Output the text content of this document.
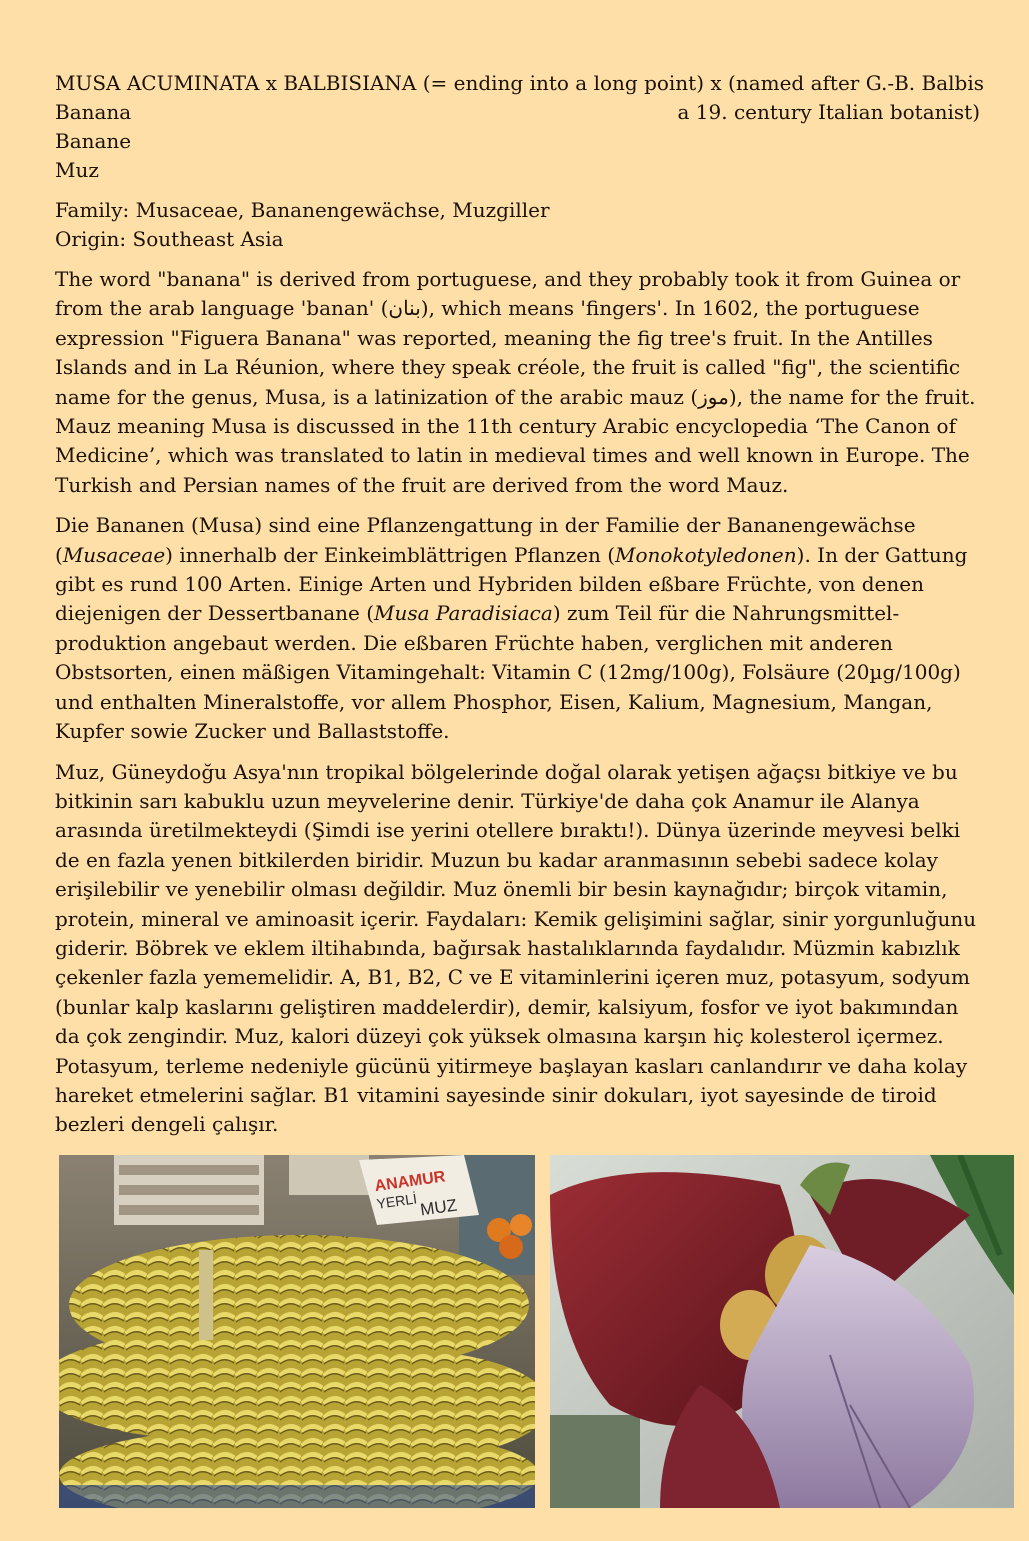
MUSA ACUMINATA x BALBISIANA (= ending into a long point) x (named after G.-B. Balbis
a 19. century Italian botanist)
Banana
Banane
Muz
Family: Musaceae, Bananengewächse, Muzgiller
Origin: Southeast Asia

The word "banana" is derived from portuguese, and they probably took it from Guinea or from the arab language 'banan' (بنان), which means 'fingers'. In 1602, the portuguese expression "Figuera Banana" was reported, meaning the fig tree's fruit. In the Antilles Islands and in La Réunion, where they speak créole, the fruit is called "fig", the scientific name for the genus, Musa, is a latinization of the arabic mauz (موز), the name for the fruit. Mauz meaning Musa is discussed in the 11th century Arabic encyclopedia ‘The Canon of Medicine’, which was translated to latin in medieval times and well known in Europe. The Turkish and Persian names of the fruit are derived from the word Mauz.

Die Bananen (Musa) sind eine Pflanzengattung in der Familie der Bananengewächse (Musaceae) innerhalb der Einkeimblättrigen Pflanzen (Monokotyledonen). In der Gattung gibt es rund 100 Arten. Einige Arten und Hybriden bilden eßbare Früchte, von denen diejenigen der Dessertbanane (Musa Paradisiaca) zum Teil für die Nahrungsmittel-produktion angebaut werden. Die eßbaren Früchte haben, verglichen mit anderen Obstsorten, einen mäßigen Vitamingehalt: Vitamin C (12mg/100g), Folsäure (20µg/100g) und enthalten Mineralstoffe, vor allem Phosphor, Eisen, Kalium, Magnesium, Mangan, Kupfer sowie Zucker und Ballaststoffe.

Muz, Güneydoğu Asya'nın tropikal bölgelerinde doğal olarak yetişen ağaçsı bitkiye ve bu bitkinin sarı kabuklu uzun meyvelerine denir. Türkiye'de daha çok Anamur ile Alanya arasında üretilmekteydi (Şimdi ise yerini otellere bıraktı!). Dünya üzerinde meyvesi belki de en fazla yenen bitkilerden biridir. Muzun bu kadar aranmasının sebebi sadece kolay erişilebilir ve yenebilir olması değildir. Muz önemli bir besin kaynağıdır; birçok vitamin, protein, mineral ve aminoasit içerir. Faydaları: Kemik gelişimini sağlar, sinir yorgunluğunu giderir. Böbrek ve eklem iltihabında, bağırsak hastalıklarında faydalıdır. Müzmin kabızlık çekenler fazla yememelidir. A, B1, B2, C ve E vitaminlerini içeren muz, potasyum, sodyum (bunlar kalp kaslarını geliştiren maddelerdir), demir, kalsiyum, fosfor ve iyot bakımından da çok zengindir. Muz, kalori düzeyi çok yüksek olmasına karşın hiç kolesterol içermez. Potasyum, terleme nedeniyle gücünü yitirmeye başlayan kasları canlandırır ve daha kolay hareket etmelerini sağlar. B1 vitamini sayesinde sinir dokuları, iyot sayesinde de tiroid bezleri dengeli çalışır.

ANAMUR
YERLİ MUZ
